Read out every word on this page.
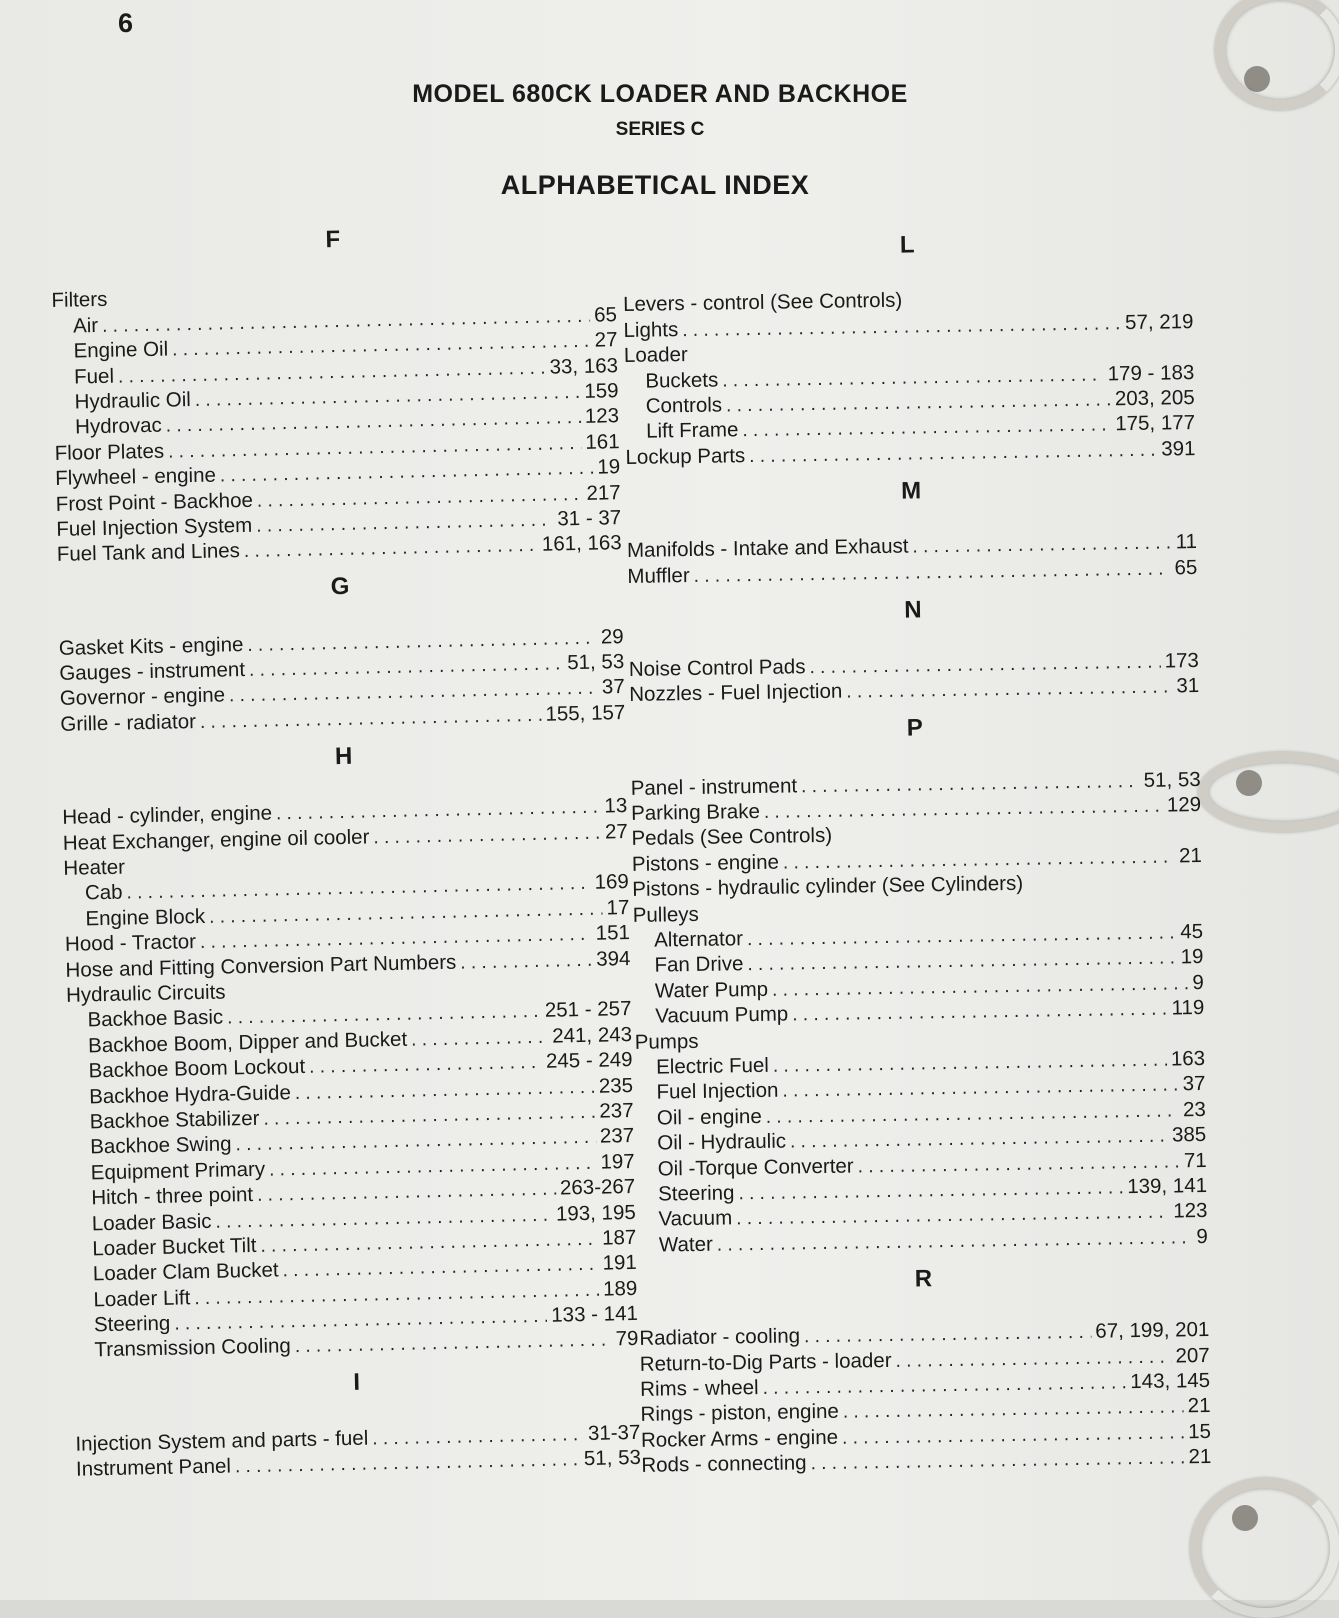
6
MODEL 680CK LOADER AND BACKHOE
SERIES C
ALPHABETICAL INDEX
F
Filters
Air . . .	65
Engine Oil . . .	27
Fuel . . .	33, 163
Hydraulic Oil . . .	159
Hydrovac . . .	123
Floor Plates . . .	161
Flywheel - engine . . .	19
Frost Point - Backhoe . . .	217
Fuel Injection System . . .	31 - 37
Fuel Tank and Lines . . .	161, 163
G
Gasket Kits - engine . . .	29
Gauges - instrument . . .	51, 53
Governor - engine . . .	37
Grille - radiator . . .	155, 157
H
Head - cylinder, engine . . .	13
Heat Exchanger, engine oil cooler . . .	27
Heater
Cab . . .	169
Engine Block . . .	17
Hood - Tractor . . .	151
Hose and Fitting Conversion Part Numbers . . .	394
Hydraulic Circuits
Backhoe Basic . . .	251 - 257
Backhoe Boom, Dipper and Bucket . . .	241, 243
Backhoe Boom Lockout . . .	245 - 249
Backhoe Hydra-Guide . . .	235
Backhoe Stabilizer . . .	237
Backhoe Swing . . .	237
Equipment Primary . . .	197
Hitch - three point . . .	263-267
Loader Basic . . .	193, 195
Loader Bucket Tilt . . .	187
Loader Clam Bucket . . .	191
Loader Lift . . .	189
Steering . . .	133 - 141
Transmission Cooling . . .	79
I
Injection System and parts - fuel . . .	31-37
Instrument Panel . . .	51, 53
L
Levers - control (See Controls)
Lights . . .	57, 219
Loader
Buckets . . .	179 - 183
Controls . . .	203, 205
Lift Frame . . .	175, 177
Lockup Parts . . .	391
M
Manifolds - Intake and Exhaust . . .	11
Muffler . . .	65
N
Noise Control Pads . . .	173
Nozzles - Fuel Injection . . .	31
P
Panel - instrument . . .	51, 53
Parking Brake . . .	129
Pedals (See Controls)
Pistons - engine . . .	21
Pistons - hydraulic cylinder (See Cylinders)
Pulleys
Alternator . . .	45
Fan Drive . . .	19
Water Pump . . .	9
Vacuum Pump . . .	119
Pumps
Electric Fuel . . .	163
Fuel Injection . . .	37
Oil - engine . . .	23
Oil - Hydraulic . . .	385
Oil -Torque Converter . . .	71
Steering . . .	139, 141
Vacuum . . .	123
Water . . .	9
R
Radiator - cooling . . .	67, 199, 201
Return-to-Dig Parts - loader . . .	207
Rims - wheel . . .	143, 145
Rings - piston, engine . . .	21
Rocker Arms - engine . . .	15
Rods - connecting . . .	21
